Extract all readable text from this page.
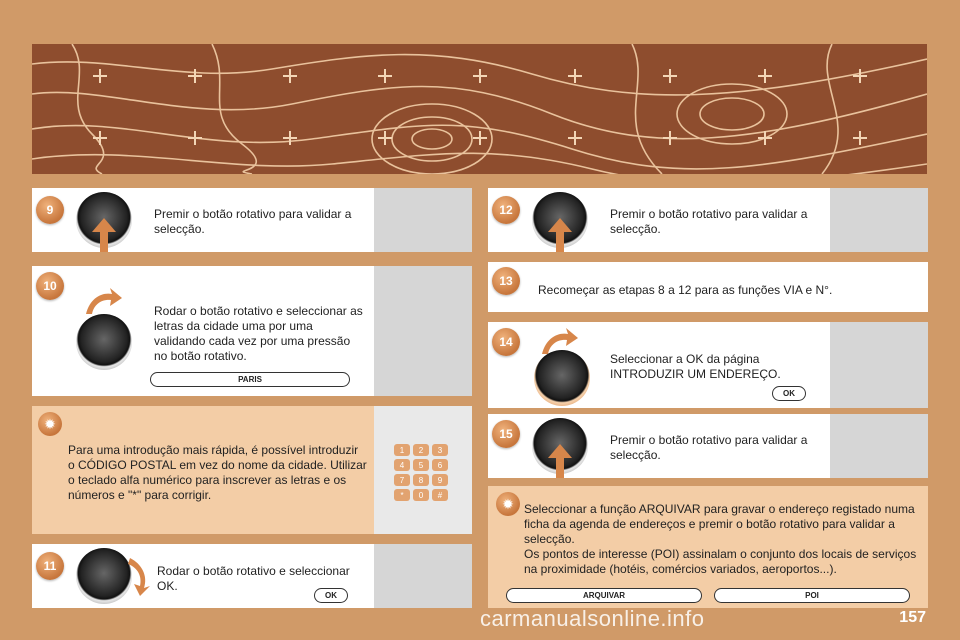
9	Premir o botão rotativo para validar a selecção.
10
Rodar o botão rotativo e seleccionar as letras da cidade uma por uma validando cada vez por uma pressão no botão rotativo.
PARIS
✹
Para uma introdução mais rápida, é possível introduzir o CÓDIGO POSTAL em vez do nome da cidade. Utilizar o teclado alfa numérico para inscrever as letras e os números e "*" para corrigir.
1	2	3
4	5	6
7	8	9
*	0	#
11	Rodar o botão rotativo e seleccionar OK.
OK
12	Premir o botão rotativo para validar a selecção.
13
Recomeçar as etapas 8 a 12 para as funções VIA e N°.
14
Seleccionar a OK da página INTRODUZIR UM ENDEREÇO.
OK
15	Premir o botão rotativo para validar a selecção.
✹ Seleccionar a função ARQUIVAR para gravar o endereço registado numa ficha da agenda de endereços e premir o botão rotativo para validar a selecção.
Os pontos de interesse (POI) assinalam o conjunto dos locais de serviços na proximidade (hotéis, comércios variados, aeroportos...).
ARQUIVAR	POI
carmanualsonline.info	157
